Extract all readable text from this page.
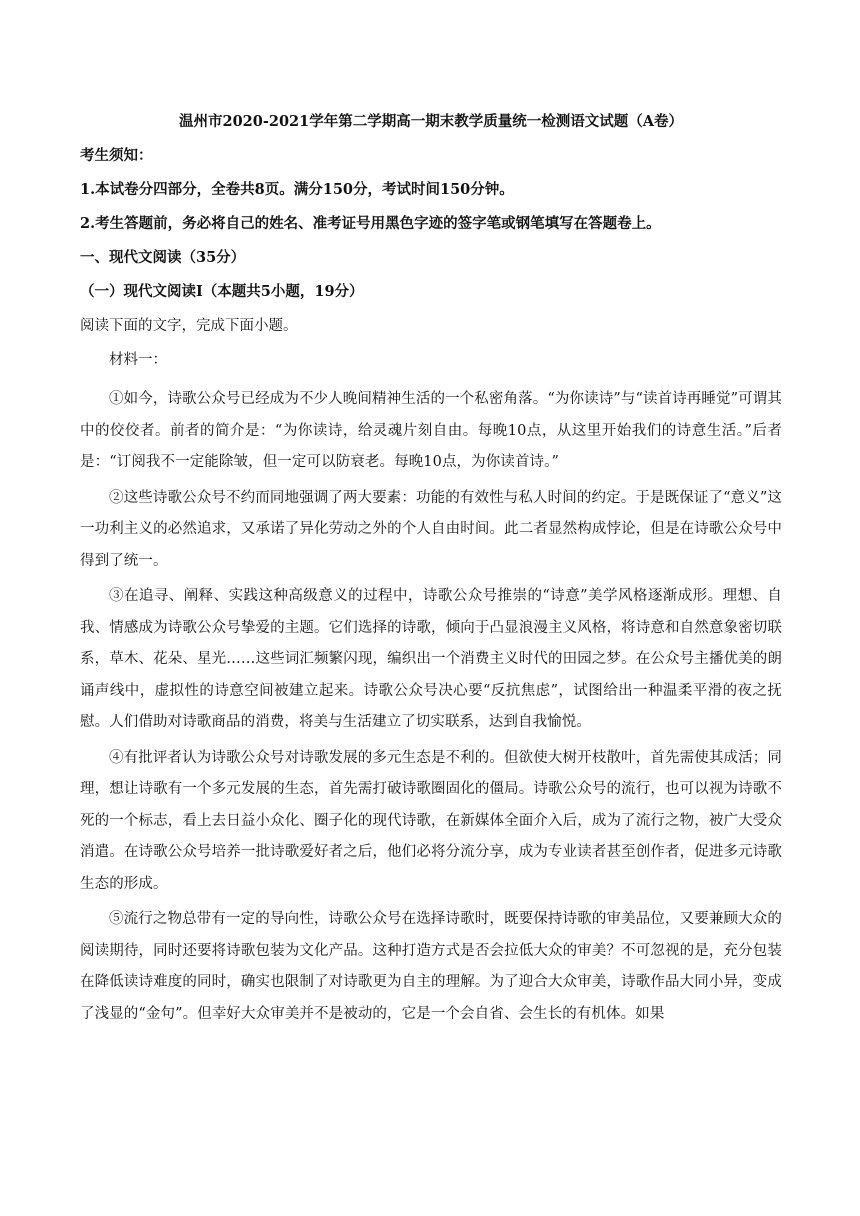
温州市2020-2021学年第二学期高一期末教学质量统一检测语文试题（A卷）
考生须知：
1.本试卷分四部分，全卷共8页。满分150分，考试时间150分钟。
2.考生答题前，务必将自己的姓名、准考证号用黑色字迹的签字笔或钢笔填写在答题卷上。
一、现代文阅读（35分）
（一）现代文阅读Ⅰ（本题共5小题，19分）
阅读下面的文字，完成下面小题。
材料一：

①如今，诗歌公众号已经成为不少人晚间精神生活的一个私密角落。“为你读诗”与“读首诗再睡觉”可谓其中的佼佼者。前者的简介是：“为你读诗，给灵魂片刻自由。每晚10点，从这里开始我们的诗意生活。”后者是：“订阅我不一定能除皱，但一定可以防衰老。每晚10点，为你读首诗。”

②这些诗歌公众号不约而同地强调了两大要素：功能的有效性与私人时间的约定。于是既保证了“意义”这一功利主义的必然追求，又承诺了异化劳动之外的个人自由时间。此二者显然构成悖论，但是在诗歌公众号中得到了统一。

③在追寻、阐释、实践这种高级意义的过程中，诗歌公众号推崇的“诗意”美学风格逐渐成形。理想、自我、情感成为诗歌公众号挚爱的主题。它们选择的诗歌，倾向于凸显浪漫主义风格，将诗意和自然意象密切联系，草木、花朵、星光……这些词汇频繁闪现，编织出一个消费主义时代的田园之梦。在公众号主播优美的朗诵声线中，虚拟性的诗意空间被建立起来。诗歌公众号决心要“反抗焦虑”，试图给出一种温柔平滑的夜之抚慰。人们借助对诗歌商品的消费，将美与生活建立了切实联系，达到自我愉悦。

④有批评者认为诗歌公众号对诗歌发展的多元生态是不利的。但欲使大树开枝散叶，首先需使其成活；同理，想让诗歌有一个多元发展的生态，首先需打破诗歌圈固化的僵局。诗歌公众号的流行，也可以视为诗歌不死的一个标志，看上去日益小众化、圈子化的现代诗歌，在新媒体全面介入后，成为了流行之物，被广大受众消遣。在诗歌公众号培养一批诗歌爱好者之后，他们必将分流分享，成为专业读者甚至创作者，促进多元诗歌生态的形成。

⑤流行之物总带有一定的导向性，诗歌公众号在选择诗歌时，既要保持诗歌的审美品位，又要兼顾大众的阅读期待，同时还要将诗歌包装为文化产品。这种打造方式是否会拉低大众的审美？不可忽视的是，充分包装在降低读诗难度的同时，确实也限制了对诗歌更为自主的理解。为了迎合大众审美，诗歌作品大同小异，变成了浅显的“金句”。但幸好大众审美并不是被动的，它是一个会自省、会生长的有机体。如果
